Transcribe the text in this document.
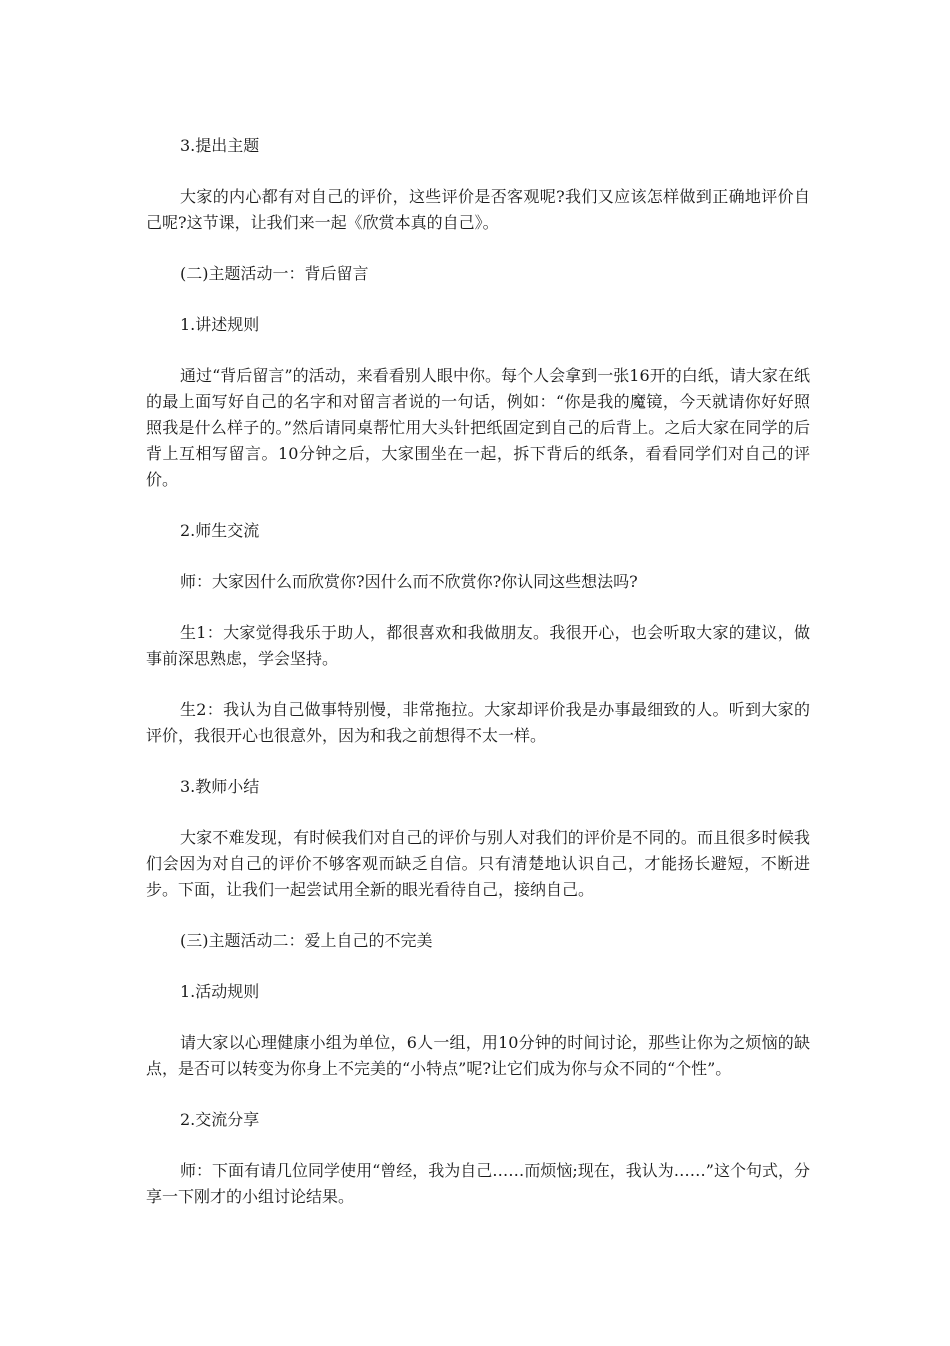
3.提出主题

大家的内心都有对自己的评价，这些评价是否客观呢?我们又应该怎样做到正确地评价自己呢?这节课，让我们来一起《欣赏本真的自己》。

(二)主题活动一：背后留言

1.讲述规则

通过“背后留言”的活动，来看看别人眼中你。每个人会拿到一张16开的白纸，请大家在纸的最上面写好自己的名字和对留言者说的一句话，例如：“你是我的魔镜，今天就请你好好照照我是什么样子的。”然后请同桌帮忙用大头针把纸固定到自己的后背上。之后大家在同学的后背上互相写留言。10分钟之后，大家围坐在一起，拆下背后的纸条，看看同学们对自己的评价。

2.师生交流

师：大家因什么而欣赏你?因什么而不欣赏你?你认同这些想法吗?

生1：大家觉得我乐于助人，都很喜欢和我做朋友。我很开心，也会听取大家的建议，做事前深思熟虑，学会坚持。

生2：我认为自己做事特别慢，非常拖拉。大家却评价我是办事最细致的人。听到大家的评价，我很开心也很意外，因为和我之前想得不太一样。

3.教师小结

大家不难发现，有时候我们对自己的评价与别人对我们的评价是不同的。而且很多时候我们会因为对自己的评价不够客观而缺乏自信。只有清楚地认识自己，才能扬长避短，不断进步。下面，让我们一起尝试用全新的眼光看待自己，接纳自己。

(三)主题活动二：爱上自己的不完美

1.活动规则

请大家以心理健康小组为单位，6人一组，用10分钟的时间讨论，那些让你为之烦恼的缺点，是否可以转变为你身上不完美的“小特点”呢?让它们成为你与众不同的“个性”。

2.交流分享

师：下面有请几位同学使用“曾经，我为自己……而烦恼;现在，我认为……”这个句式，分享一下刚才的小组讨论结果。
